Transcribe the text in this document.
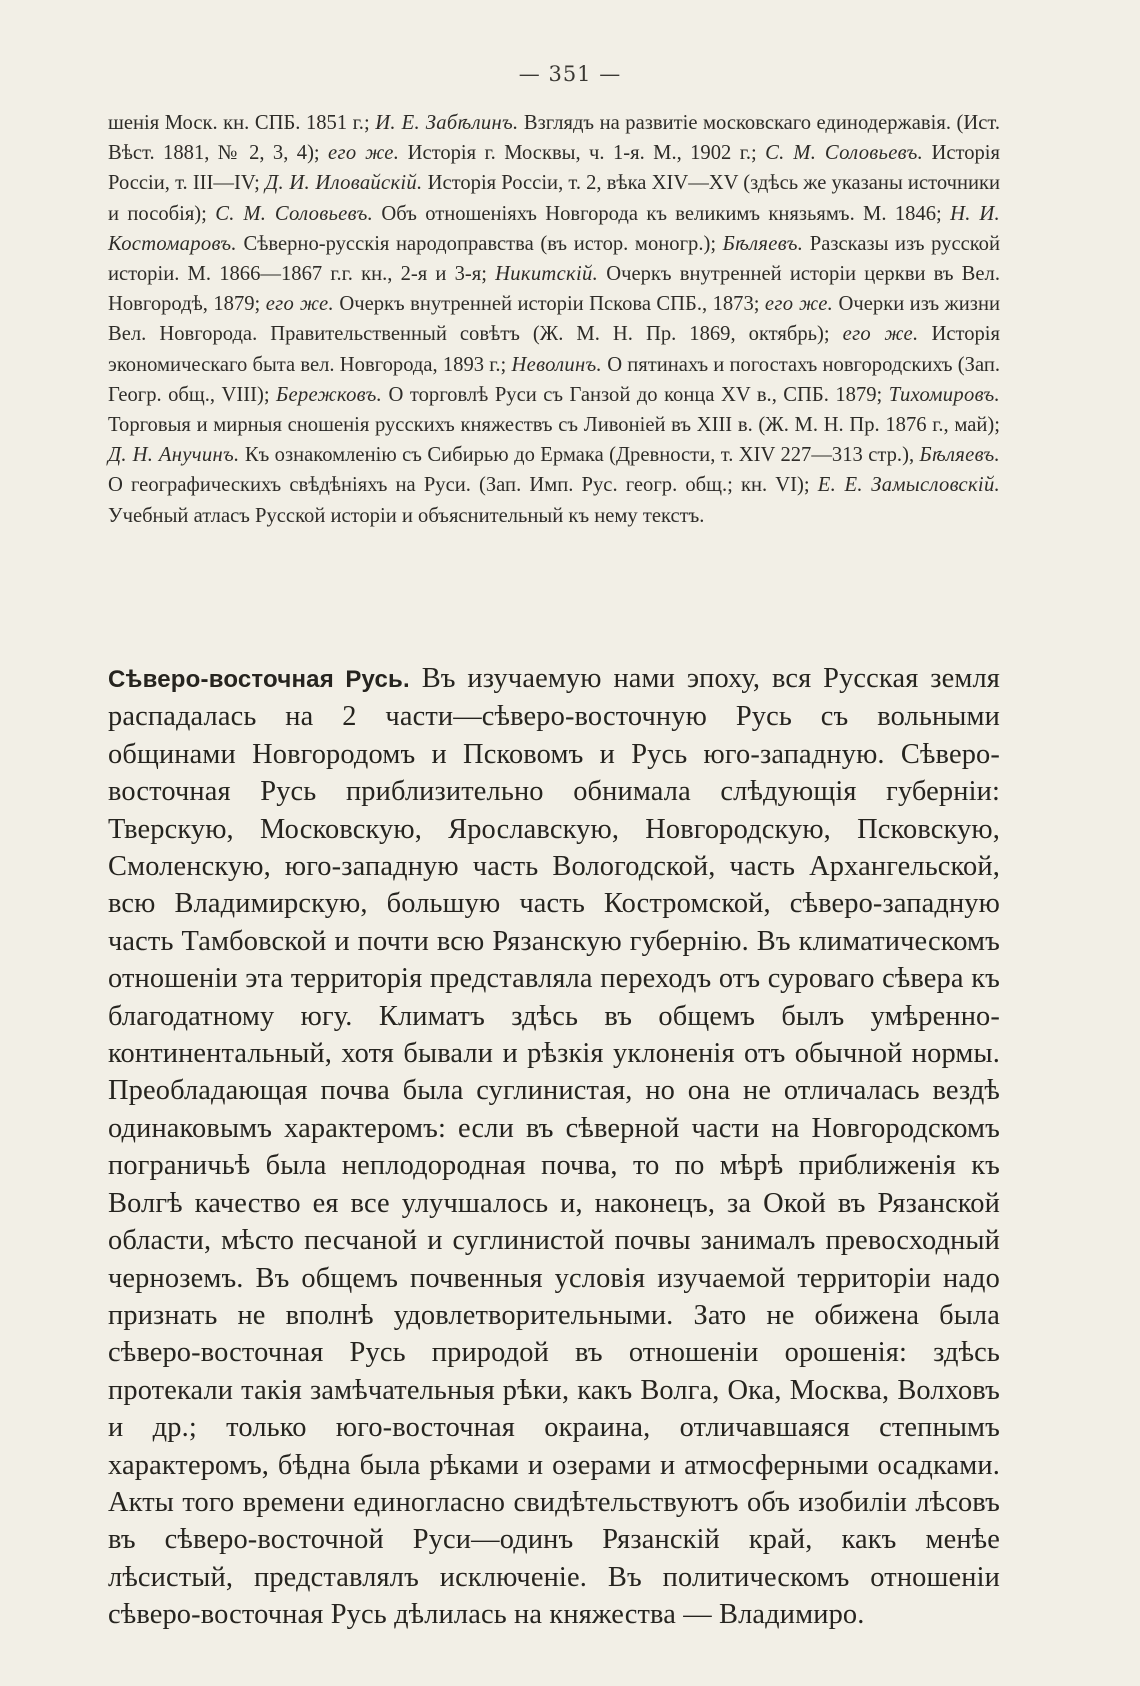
— 351 —
шенія Моск. кн. СПБ. 1851 г.; И. Е. Забѣлинъ. Взглядъ на развитіе московскаго единодержавія. (Ист. Вѣст. 1881, № 2, 3, 4); его же. Исторія г. Москвы, ч. 1-я. М., 1902 г.; С. М. Соловьевъ. Исторія Россіи, т. III—IV; Д. И. Иловайскій. Исторія Россіи, т. 2, вѣка XIV—XV (здѣсь же указаны источники и пособія); С. М. Соловьевъ. Объ отношеніяхъ Новгорода къ великимъ князьямъ. М. 1846; Н. И. Костомаровъ. Сѣверно-русскія народоправства (въ истор. моногр.); Бѣляевъ. Разсказы изъ русской исторіи. М. 1866—1867 г.г. кн., 2-я и 3-я; Никитскій. Очеркъ внутренней исторіи церкви въ Вел. Новгородѣ, 1879; его же. Очеркъ внутренней исторіи Пскова СПБ., 1873; его же. Очерки изъ жизни Вел. Новгорода. Правительственный совѣтъ (Ж. М. Н. Пр. 1869, октябрь); его же. Исторія экономическаго быта вел. Новгорода, 1893 г.; Неволинъ. О пятинахъ и погостахъ новгородскихъ (Зап. Геогр. общ., VIII); Бережковъ. О торговлѣ Руси съ Ганзой до конца XV в., СПБ. 1879; Тихомировъ. Торговыя и мирныя сношенія русскихъ княжествъ съ Ливоніей въ XIII в. (Ж. М. Н. Пр. 1876 г., май); Д. Н. Анучинъ. Къ ознакомленію съ Сибирью до Ермака (Древности, т. XIV 227—313 стр.), Бѣляевъ. О географическихъ свѣдѣніяхъ на Руси. (Зап. Имп. Рус. геогр. общ.; кн. VI); Е. Е. Замысловскій. Учебный атласъ Русской исторіи и объяснительный къ нему текстъ.
Сѣверо-восточная Русь. Въ изучаемую нами эпоху, вся Русская земля распадалась на 2 части—сѣверо-восточную Русь съ вольными общинами Новгородомъ и Псковомъ и Русь юго-западную. Сѣверо-восточная Русь приблизительно обнимала слѣдующія губерніи: Тверскую, Московскую, Ярославскую, Новгородскую, Псковскую, Смоленскую, юго-западную часть Вологодской, часть Архангельской, всю Владимирскую, большую часть Костромской, сѣверо-западную часть Тамбовской и почти всю Рязанскую губернію. Въ климатическомъ отношеніи эта территорія представляла переходъ отъ суроваго сѣвера къ благодатному югу. Климатъ здѣсь въ общемъ былъ умѣренно-континентальный, хотя бывали и рѣзкія уклоненія отъ обычной нормы. Преобладающая почва была суглинистая, но она не отличалась вездѣ одинаковымъ характеромъ: если въ сѣверной части на Новгородскомъ пограничьѣ была неплодородная почва, то по мѣрѣ приближенія къ Волгѣ качество ея все улучшалось и, наконецъ, за Окой въ Рязанской области, мѣсто песчаной и суглинистой почвы занималъ превосходный черноземъ. Въ общемъ почвенныя условія изучаемой территоріи надо признать не вполнѣ удовлетворительными. Зато не обижена была сѣверо-восточная Русь природой въ отношеніи орошенія: здѣсь протекали такія замѣчательныя рѣки, какъ Волга, Ока, Москва, Волховъ и др.; только юго-восточная окраина, отличавшаяся степнымъ характеромъ, бѣдна была рѣками и озерами и атмосферными осадками. Акты того времени единогласно свидѣтельствуютъ объ изобиліи лѣсовъ въ сѣверо-восточной Руси—одинъ Рязанскій край, какъ менѣе лѣсистый, представлялъ исключеніе. Въ политическомъ отношеніи сѣверо-восточная Русь дѣлилась на княжества — Владимиро.
